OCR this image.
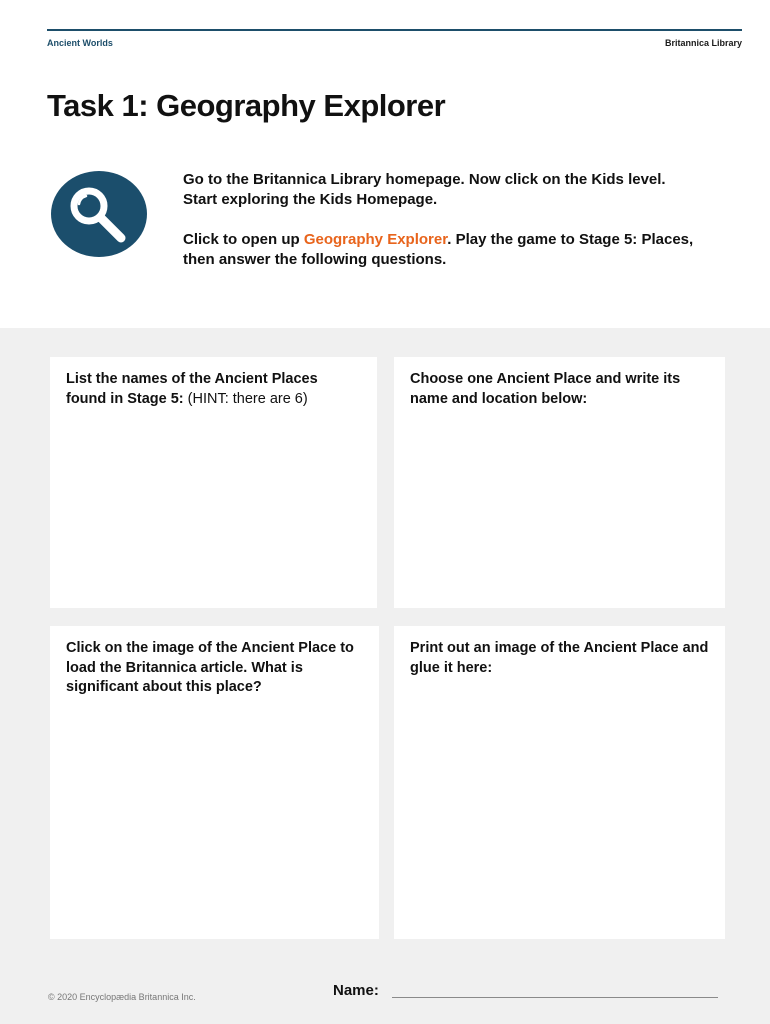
Ancient Worlds	Britannica Library
Task 1: Geography Explorer

Go to the Britannica Library homepage. Now click on the Kids level. Start exploring the Kids Homepage.

Click to open up Geography Explorer. Play the game to Stage 5: Places, then answer the following questions.

List the names of the Ancient Places found in Stage 5: (HINT: there are 6)
Choose one Ancient Place and write its name and location below:
Click on the image of the Ancient Place to load the Britannica article. What is significant about this place?
Print out an image of the Ancient Place and glue it here:
© 2020 Encyclopædia Britannica Inc.	Name:
